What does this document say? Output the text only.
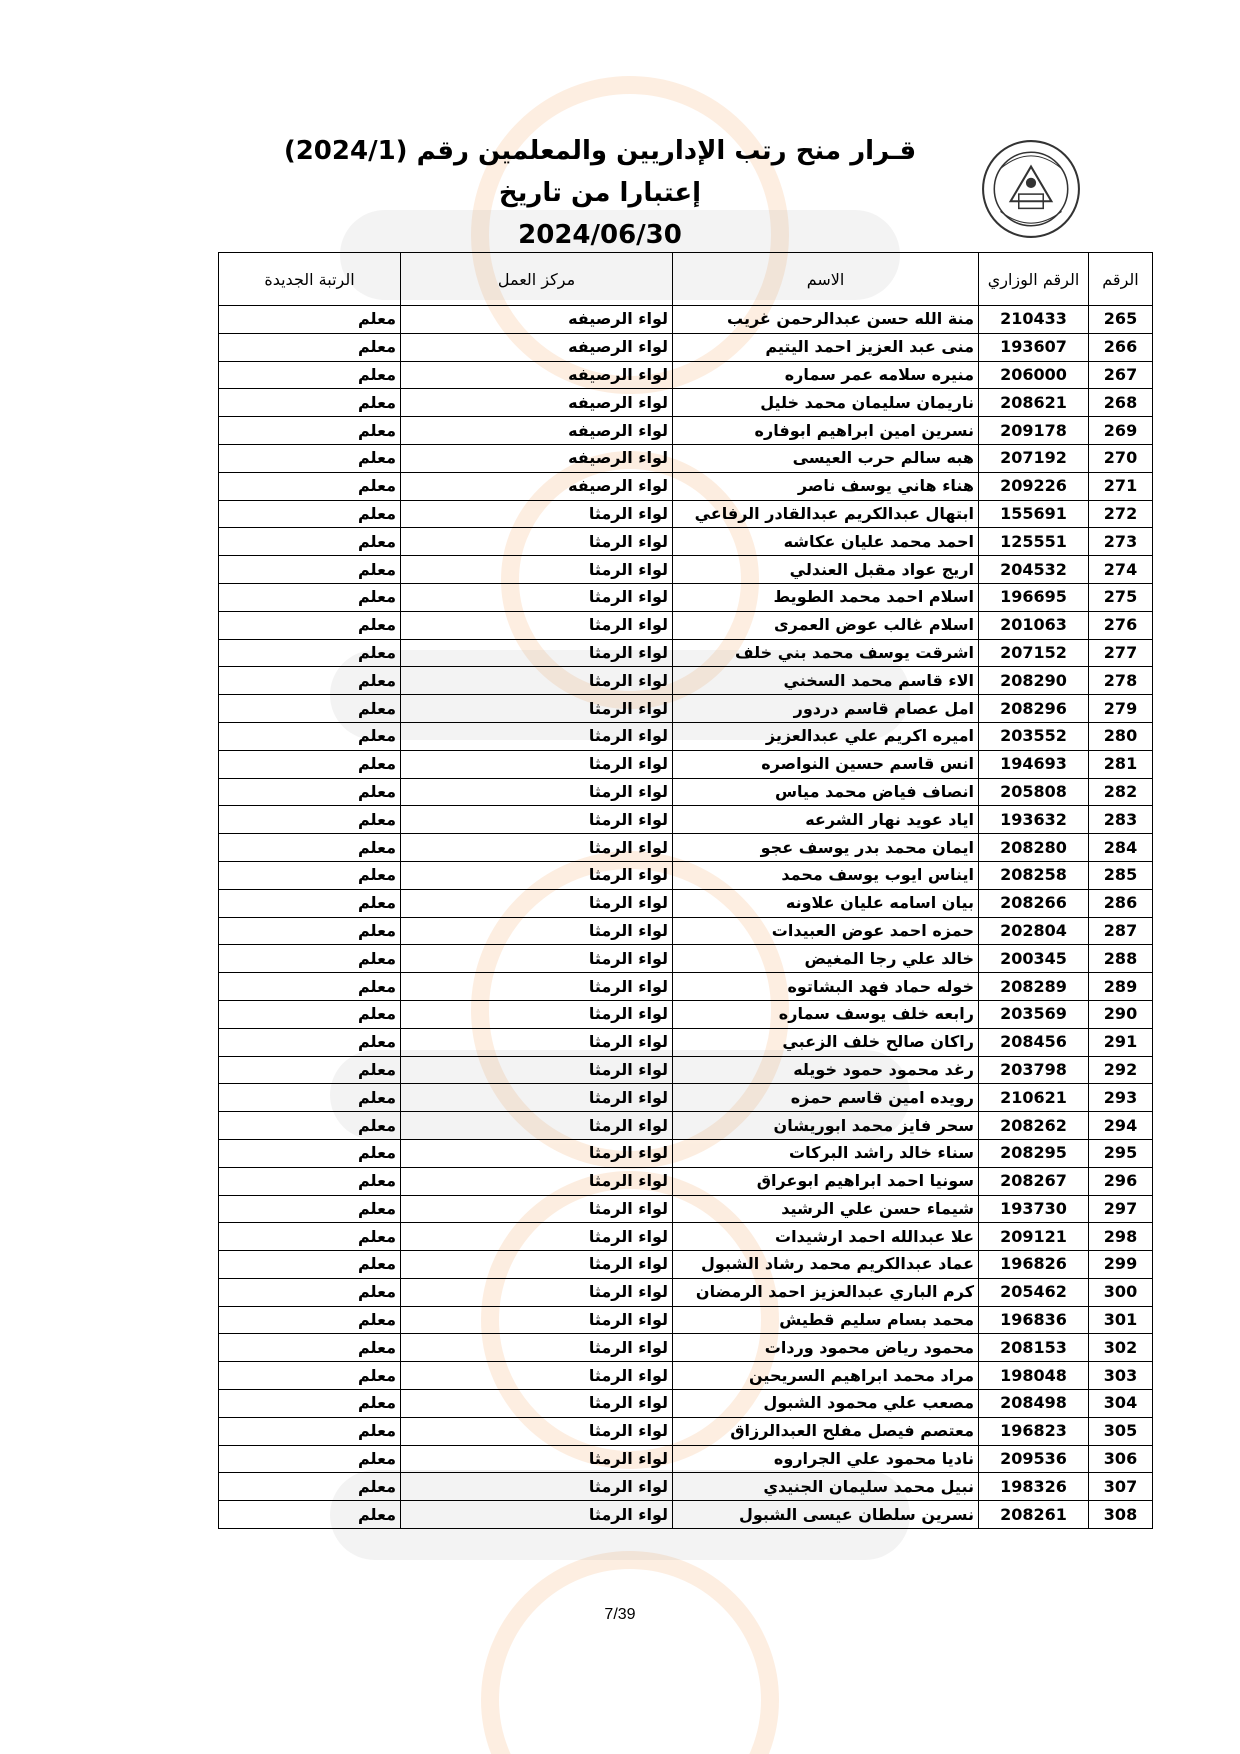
قـرار منح رتب الإداريين والمعلمين رقم (2024/1) إعتبارا من تاريخ
2024/06/30
الرقم	الرقم الوزاري	الاسم	مركز العمل	الرتبة الجديدة
265	210433	منة الله حسن عبدالرحمن غريب	لواء الرصيفه	معلم
266	193607	منى عبد العزيز احمد اليتيم	لواء الرصيفه	معلم
267	206000	منيره سلامه عمر سماره	لواء الرصيفه	معلم
268	208621	ناريمان سليمان محمد خليل	لواء الرصيفه	معلم
269	209178	نسرين امين ابراهيم ابوفاره	لواء الرصيفه	معلم
270	207192	هبه سالم حرب العيسى	لواء الرصيفه	معلم
271	209226	هناء هاني يوسف ناصر	لواء الرصيفه	معلم
272	155691	ابتهال عبدالكريم عبدالقادر الرفاعي	لواء الرمثا	معلم
273	125551	احمد محمد عليان عكاشه	لواء الرمثا	معلم
274	204532	اريج عواد مقبل العندلي	لواء الرمثا	معلم
275	196695	اسلام احمد محمد الطويط	لواء الرمثا	معلم
276	201063	اسلام غالب عوض العمرى	لواء الرمثا	معلم
277	207152	اشرقت يوسف محمد بني خلف	لواء الرمثا	معلم
278	208290	الاء قاسم محمد السخني	لواء الرمثا	معلم
279	208296	امل عصام قاسم دردور	لواء الرمثا	معلم
280	203552	اميره اكريم علي عبدالعزيز	لواء الرمثا	معلم
281	194693	انس قاسم حسين النواصره	لواء الرمثا	معلم
282	205808	انصاف فياض محمد مياس	لواء الرمثا	معلم
283	193632	اياد عويد نهار الشرعه	لواء الرمثا	معلم
284	208280	ايمان محمد بدر يوسف عجو	لواء الرمثا	معلم
285	208258	ايناس ايوب يوسف محمد	لواء الرمثا	معلم
286	208266	بيان اسامه عليان علاونه	لواء الرمثا	معلم
287	202804	حمزه احمد عوض العبيدات	لواء الرمثا	معلم
288	200345	خالد علي رجا المغيض	لواء الرمثا	معلم
289	208289	خوله حماد فهد البشاتوه	لواء الرمثا	معلم
290	203569	رابعه خلف يوسف سماره	لواء الرمثا	معلم
291	208456	راكان صالح خلف الزعبي	لواء الرمثا	معلم
292	203798	رغد محمود حمود خويله	لواء الرمثا	معلم
293	210621	رويده امين قاسم حمزه	لواء الرمثا	معلم
294	208262	سحر فايز محمد ابوريشان	لواء الرمثا	معلم
295	208295	سناء خالد راشد البركات	لواء الرمثا	معلم
296	208267	سونيا احمد ابراهيم ابوعراق	لواء الرمثا	معلم
297	193730	شيماء حسن علي الرشيد	لواء الرمثا	معلم
298	209121	علا عبدالله احمد ارشيدات	لواء الرمثا	معلم
299	196826	عماد عبدالكريم محمد رشاد الشبول	لواء الرمثا	معلم
300	205462	كرم الباري عبدالعزيز احمد الرمضان	لواء الرمثا	معلم
301	196836	محمد بسام سليم قطيش	لواء الرمثا	معلم
302	208153	محمود رياض محمود وردات	لواء الرمثا	معلم
303	198048	مراد محمد ابراهيم السريحين	لواء الرمثا	معلم
304	208498	مصعب علي محمود الشبول	لواء الرمثا	معلم
305	196823	معتصم فيصل مفلح العبدالرزاق	لواء الرمثا	معلم
306	209536	ناديا محمود علي الجراروه	لواء الرمثا	معلم
307	198326	نبيل محمد سليمان الجنيدي	لواء الرمثا	معلم
308	208261	نسرين سلطان عيسى الشبول	لواء الرمثا	معلم
7/39
